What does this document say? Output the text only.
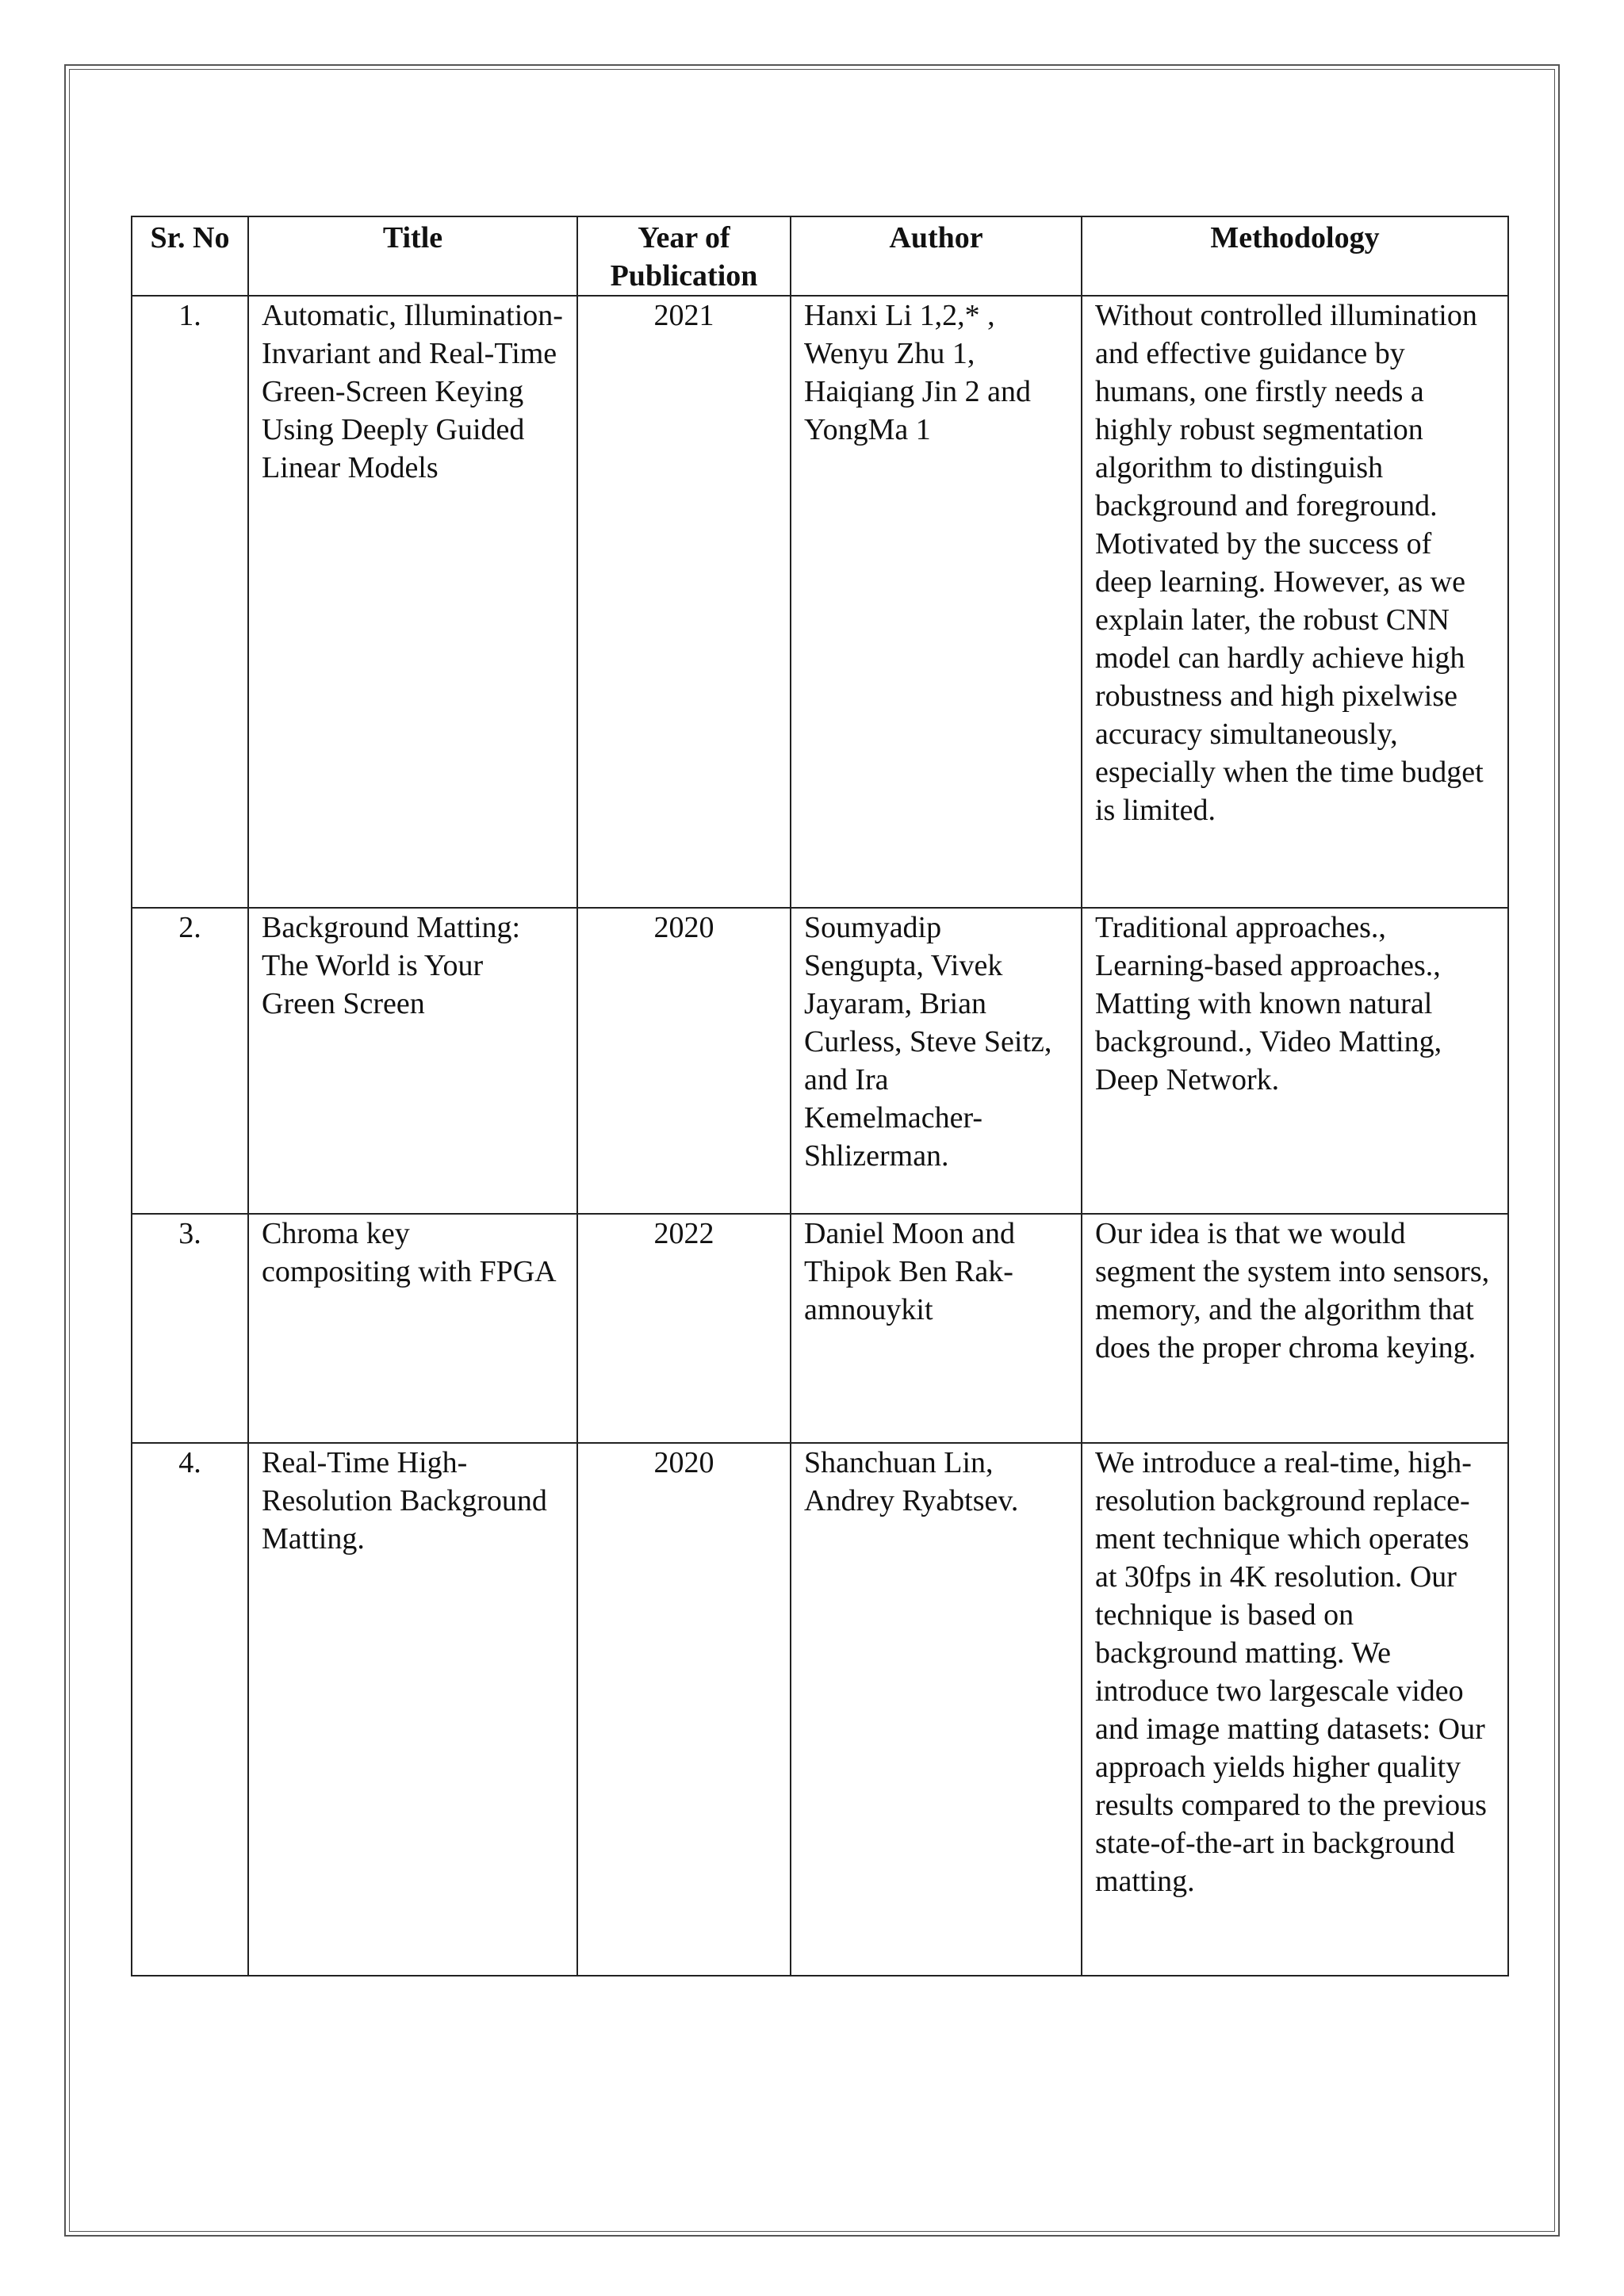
Sr. No	Title	Year of Publication	Author	Methodology
1.	Automatic, Illumination-Invariant and Real-Time Green-Screen Keying Using Deeply Guided Linear Models	2021	Hanxi Li 1,2,* , Wenyu Zhu 1, Haiqiang Jin 2 and YongMa 1	Without controlled illumination and effective guidance by humans, one firstly needs a highly robust segmentation algorithm to distinguish background and foreground. Motivated by the success of deep learning. However, as we explain later, the robust CNN model can hardly achieve high robustness and high pixelwise accuracy simultaneously, especially when the time budget is limited.
2.	Background Matting: The World is Your Green Screen	2020	Soumyadip Sengupta, Vivek Jayaram, Brian Curless, Steve Seitz, and Ira Kemelmacher-Shlizerman.	Traditional approaches., Learning-based approaches., Matting with known natural background., Video Matting, Deep Network.
3.	Chroma key compositing with FPGA	2022	Daniel Moon and Thipok Ben Rak-amnouykit	Our idea is that we would segment the system into sensors, memory, and the algorithm that does the proper chroma keying.
4.	Real-Time High-Resolution Background Matting.	2020	Shanchuan Lin, Andrey Ryabtsev.	We introduce a real-time, high-resolution background replace- ment technique which operates at 30fps in 4K resolution. Our technique is based on background matting. We introduce two largescale video and image matting datasets: Our approach yields higher quality results compared to the previous state-of-the-art in background matting.
